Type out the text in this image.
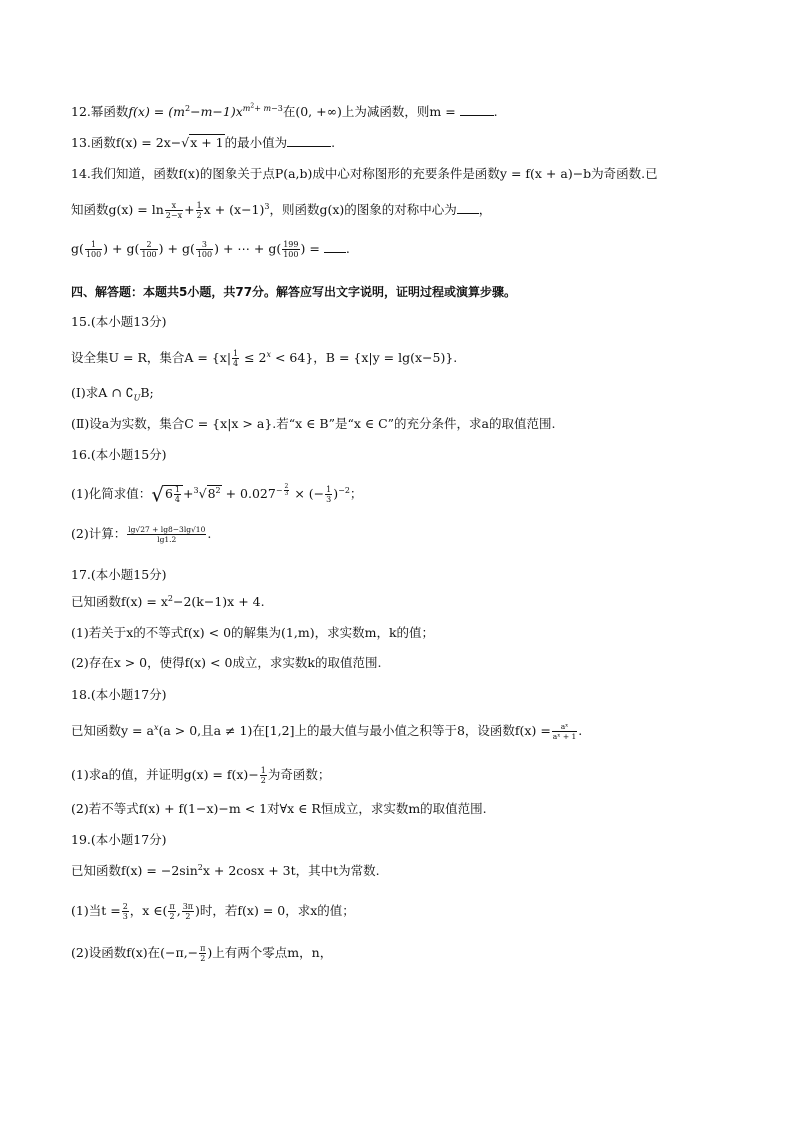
12.幂函数$f(x) = (m^2-m-1)x^{m^2+ m-3}$在(0, +∞)上为减函数，则m =	.
13.函数f(x) = 2x−√x + 1的最小值为	.
14.我们知道，函数f(x)的图象关于点P(a,b)成中心对称图形的充要条件是函数y = f(x + a)−b为奇函数.已
知函数$g(x) = \ln \frac{x}{2-x} + \frac{1}{2}$ $x + (x-1)^3$，则函数g(x)的图象的对称中心为 ，
$g( \frac{1}{100}$ ) + $g( \frac{2}{100}$ ) + $g( \frac{3}{100}$ ) + ⋯ + $g( \frac{199}{100}$ ) = .
四、解答题：本题共5小题，共77分。解答应写出文字说明，证明过程或演算步骤。
15.(本小题13分)
设全集U = R，集合$A = \{x| \frac{1}{4} \le 2^x < 64\}$，B = {x|y = lg(x−5)}.
(Ⅰ)求A ∩ $∁_UB$;
(Ⅱ)设a为实数，集合C = {x|x > a}.若“x ∈ B”是“x ∈ C”的充分条件，求a的取值范围.
16.(本小题15分)
(1)化简求值：$√6 \frac{1}{4} +^3√8^2 + 0.027^{- \frac{2}{3}}$ × (− $\frac{1}{3} )^{-2}$；
(2)计算： $\frac{\lg√27 + \lg 8-3\lg√10}{\lg 1.2}$ .
17.(本小题15分)
已知函数$f(x) = x^2-2(k-1)x + 4$.
(1)若关于x的不等式f(x) < 0的解集为(1,m)，求实数m，k的值；
(2)存在x > 0，使得f(x) < 0成立，求实数k的取值范围.
18.(本小题17分)
已知函数$y = a^x(a > 0$,且a ≠ 1)在[1,2]上的最大值与最小值之积等于8，设函数$f(x) = \frac{\text{aˣ}}{\text{aˣ + 1}}$ .
(1)求a的值，并证明$g(x) = f(x)- \frac{1}{2}$ 为奇函数；
(2)若不等式f(x) + f(1−x)−m < 1对∀x ∈ R恒成立，求实数m的取值范围.
19.(本小题17分)
已知函数$f(x) = -2\sin^2x + 2\cos x + 3t$，其中t为常数.
(1)当$t = \frac{2}{3}$ ，x ∈( $\frac{\pi}{2}$ , $\frac{3\pi}{2}$ )时，若f(x) = 0，求x的值；
(2)设函数f(x)在($-\pi,- \frac{\pi}{2}$ )上有两个零点m，n，
